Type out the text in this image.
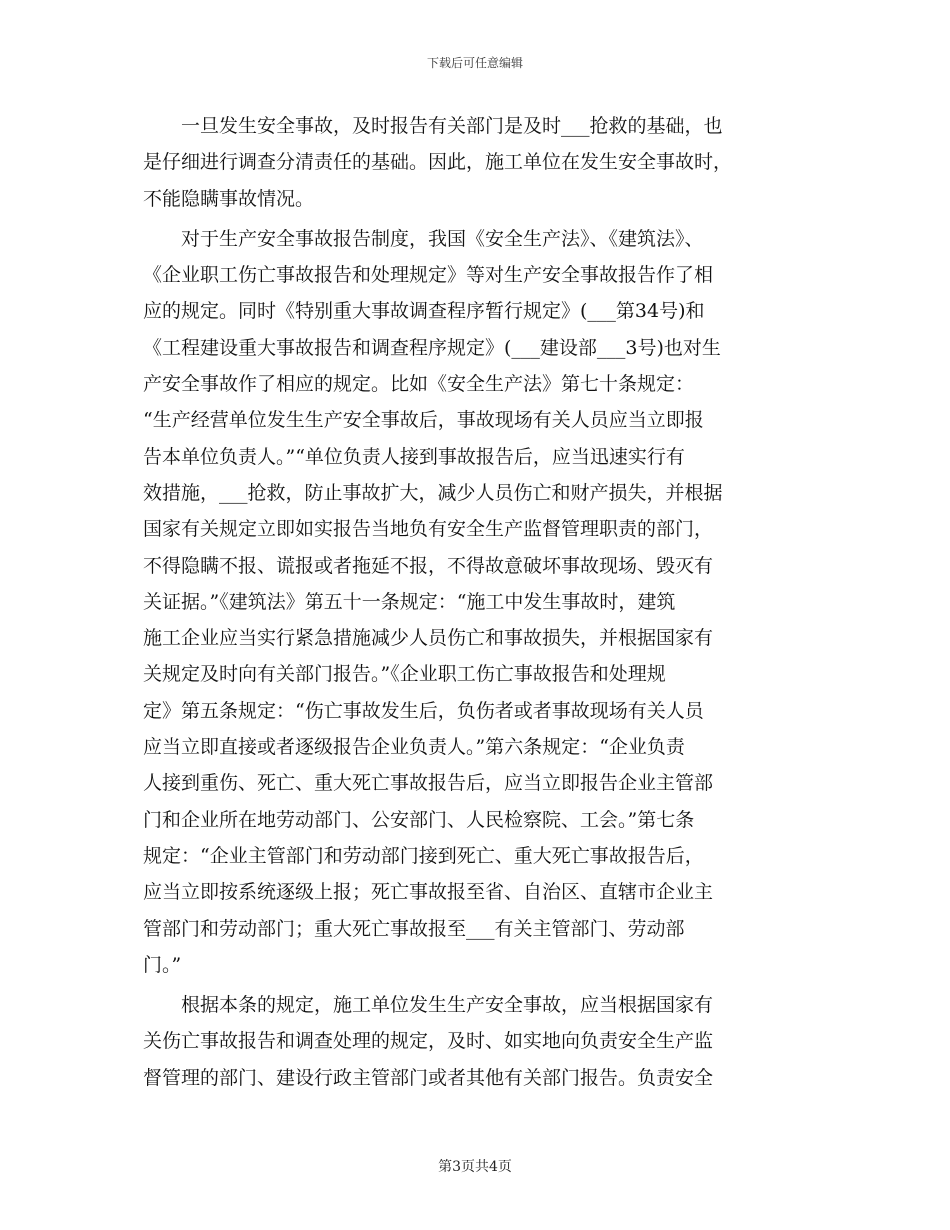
下载后可任意编辑
　　一旦发生安全事故，及时报告有关部门是及时___抢救的基础，也
是仔细进行调查分清责任的基础。因此，施工单位在发生安全事故时，
不能隐瞒事故情况。
　　对于生产安全事故报告制度，我国《安全生产法》、《建筑法》、
《企业职工伤亡事故报告和处理规定》等对生产安全事故报告作了相
应的规定。同时《特别重大事故调查程序暂行规定》(___第34号)和
《工程建设重大事故报告和调查程序规定》(___建设部___3号)也对生
产安全事故作了相应的规定。比如《安全生产法》第七十条规定：
“生产经营单位发生生产安全事故后，事故现场有关人员应当立即报
告本单位负责人。”“单位负责人接到事故报告后，应当迅速实行有
效措施，___抢救，防止事故扩大，减少人员伤亡和财产损失，并根据
国家有关规定立即如实报告当地负有安全生产监督管理职责的部门，
不得隐瞒不报、谎报或者拖延不报，不得故意破坏事故现场、毁灭有
关证据。”《建筑法》第五十一条规定：“施工中发生事故时，建筑
施工企业应当实行紧急措施减少人员伤亡和事故损失，并根据国家有
关规定及时向有关部门报告。”《企业职工伤亡事故报告和处理规
定》第五条规定：“伤亡事故发生后，负伤者或者事故现场有关人员
应当立即直接或者逐级报告企业负责人。”第六条规定：“企业负责
人接到重伤、死亡、重大死亡事故报告后，应当立即报告企业主管部
门和企业所在地劳动部门、公安部门、人民检察院、工会。”第七条
规定：“企业主管部门和劳动部门接到死亡、重大死亡事故报告后，
应当立即按系统逐级上报；死亡事故报至省、自治区、直辖市企业主
管部门和劳动部门；重大死亡事故报至___有关主管部门、劳动部
门。”
　　根据本条的规定，施工单位发生生产安全事故，应当根据国家有
关伤亡事故报告和调查处理的规定，及时、如实地向负责安全生产监
督管理的部门、建设行政主管部门或者其他有关部门报告。负责安全
第3页共4页
